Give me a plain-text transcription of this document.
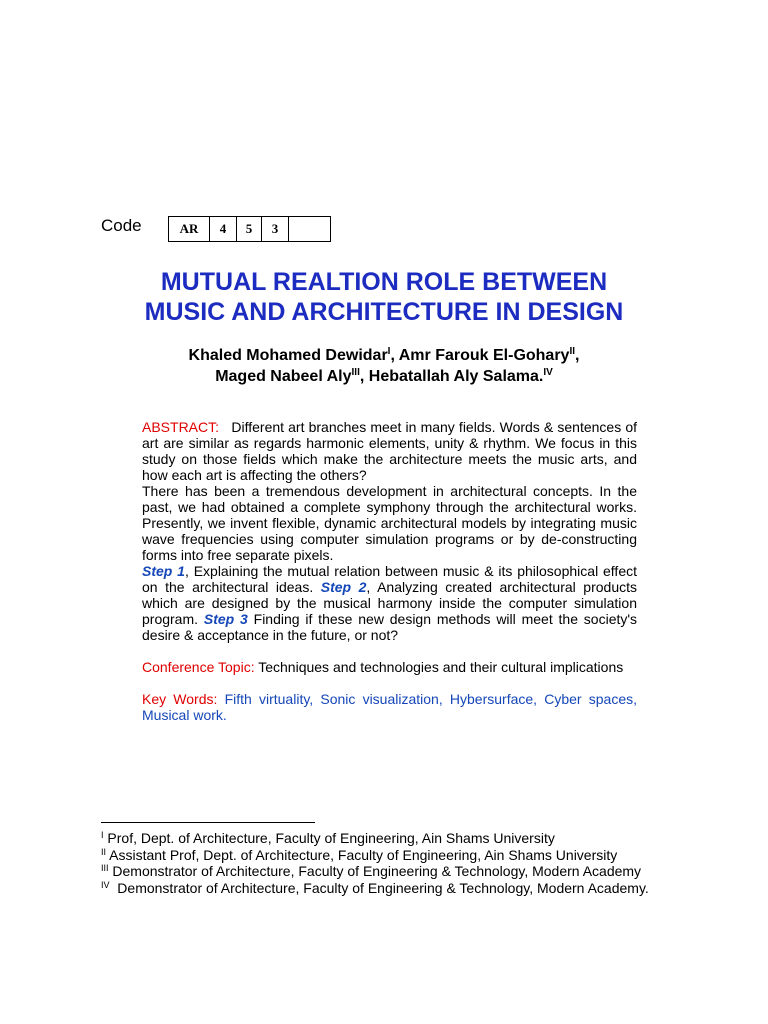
Code	AR	4	5	3	
MUTUAL REALTION ROLE BETWEEN
MUSIC AND ARCHITECTURE IN DESIGN
Khaled Mohamed Dewidar$^I$, Amr Farouk El-Gohary$^{II}$,
Maged Nabeel Aly$^{III}$, Hebatallah Aly Salama.$^{IV}$

ABSTRACT: Different art branches meet in many fields. Words & sentences of art are similar as regards harmonic elements, unity & rhythm. We focus in this study on those fields which make the architecture meets the music arts, and how each art is affecting the others?

There has been a tremendous development in architectural concepts. In the past, we had obtained a complete symphony through the architectural works. Presently, we invent flexible, dynamic architectural models by integrating music wave frequencies using computer simulation programs or by de-constructing forms into free separate pixels.

Step 1, Explaining the mutual relation between music & its philosophical effect on the architectural ideas. Step 2, Analyzing created architectural products which are designed by the musical harmony inside the computer simulation program. Step 3 Finding if these new design methods will meet the society's desire & acceptance in the future, or not?

Conference Topic: Techniques and technologies and their cultural implications

Key Words: Fifth virtuality, Sonic visualization, Hybersurface, Cyber spaces, Musical work.

$^I$ Prof, Dept. of Architecture, Faculty of Engineering, Ain Shams University

$^{II}$ Assistant Prof, Dept. of Architecture, Faculty of Engineering, Ain Shams University

$^{III}$ Demonstrator of Architecture, Faculty of Engineering & Technology, Modern Academy

$^{IV}$ Demonstrator of Architecture, Faculty of Engineering & Technology, Modern Academy.
